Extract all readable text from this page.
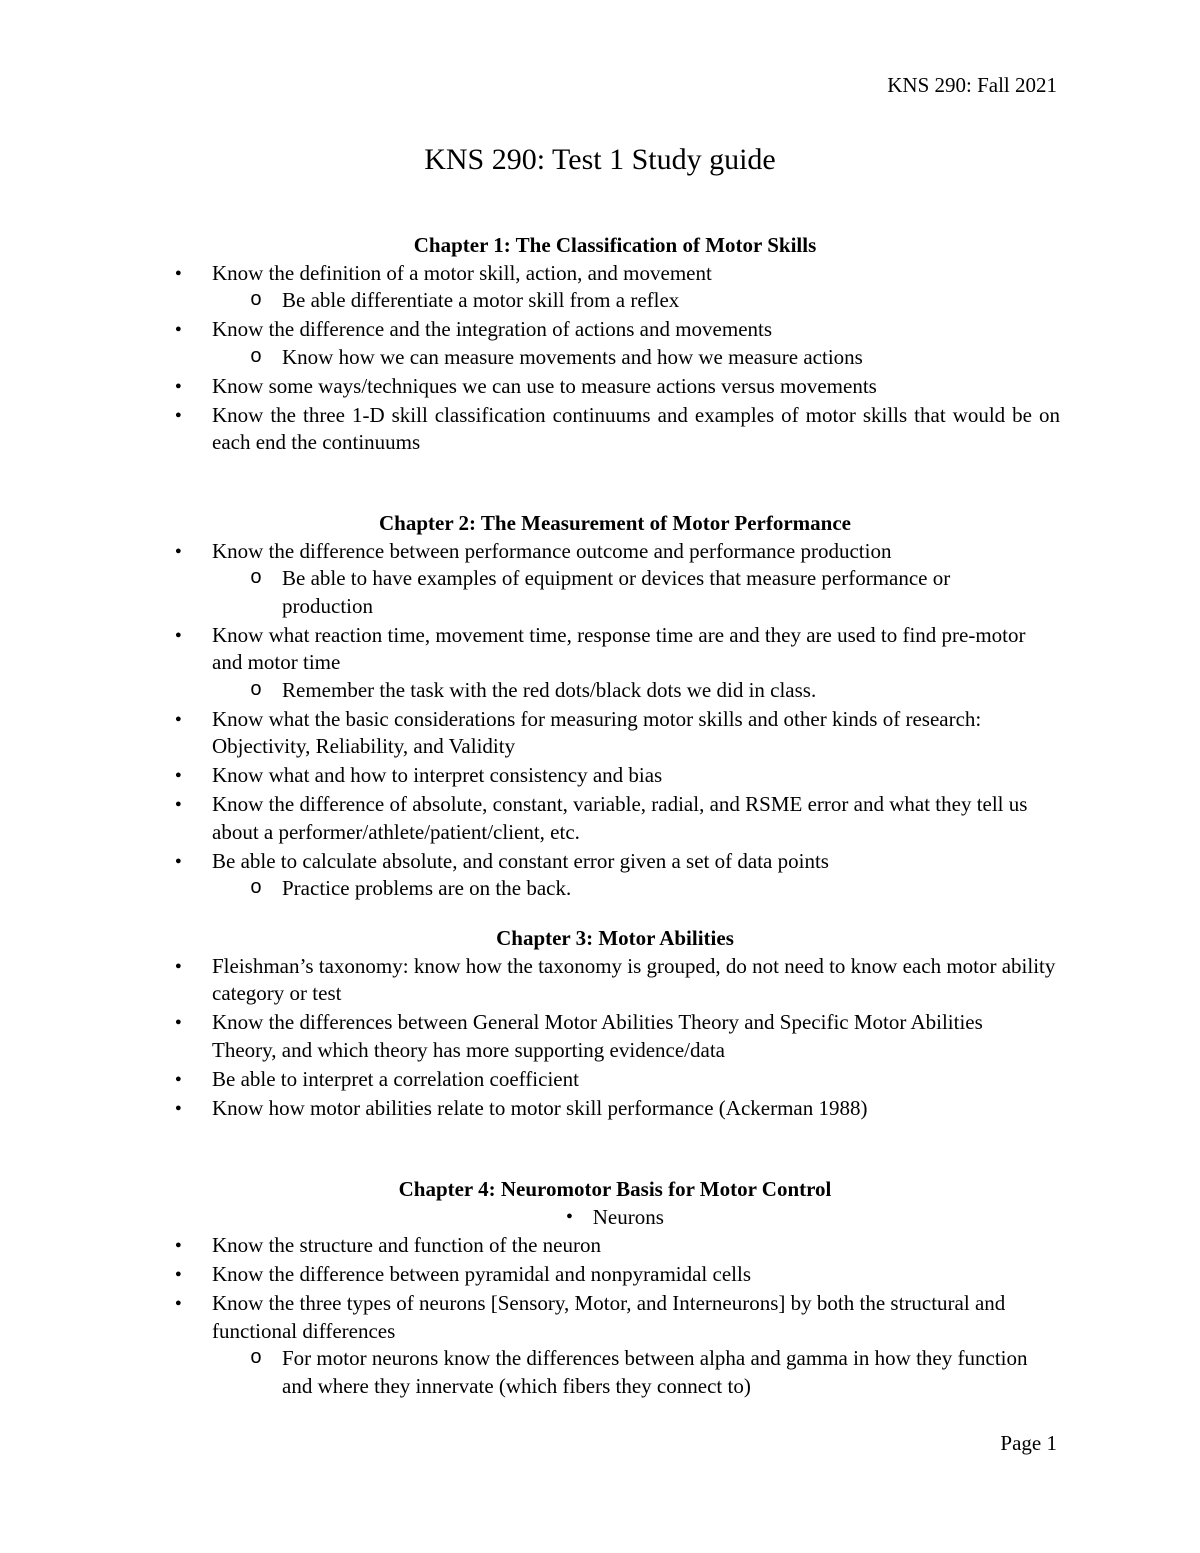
KNS 290: Fall 2021
KNS 290: Test 1 Study guide

Chapter 1: The Classification of Motor Skills

● Know the definition of a motor skill, action, and movement
o Be able differentiate a motor skill from a reflex
● Know the difference and the integration of actions and movements
o Know how we can measure movements and how we measure actions
● Know some ways/techniques we can use to measure actions versus movements
● Know the three 1-D skill classification continuums and examples of motor skills that would be on each end the continuums

Chapter 2: The Measurement of Motor Performance

● Know the difference between performance outcome and performance production
o Be able to have examples of equipment or devices that measure performance or production
● Know what reaction time, movement time, response time are and they are used to find pre-motor and motor time
o Remember the task with the red dots/black dots we did in class.
● Know what the basic considerations for measuring motor skills and other kinds of research: Objectivity, Reliability, and Validity
● Know what and how to interpret consistency and bias
● Know the difference of absolute, constant, variable, radial, and RSME error and what they tell us about a performer/athlete/patient/client, etc.
● Be able to calculate absolute, and constant error given a set of data points
o Practice problems are on the back.

Chapter 3: Motor Abilities

● Fleishman’s taxonomy: know how the taxonomy is grouped, do not need to know each motor ability category or test
● Know the differences between General Motor Abilities Theory and Specific Motor Abilities Theory, and which theory has more supporting evidence/data
● Be able to interpret a correlation coefficient
● Know how motor abilities relate to motor skill performance (Ackerman 1988)

Chapter 4: Neuromotor Basis for Motor Control

● Neurons
● Know the structure and function of the neuron
● Know the difference between pyramidal and nonpyramidal cells
● Know the three types of neurons [Sensory, Motor, and Interneurons] by both the structural and functional differences
o For motor neurons know the differences between alpha and gamma in how they function and where they innervate (which fibers they connect to)
Page 1
